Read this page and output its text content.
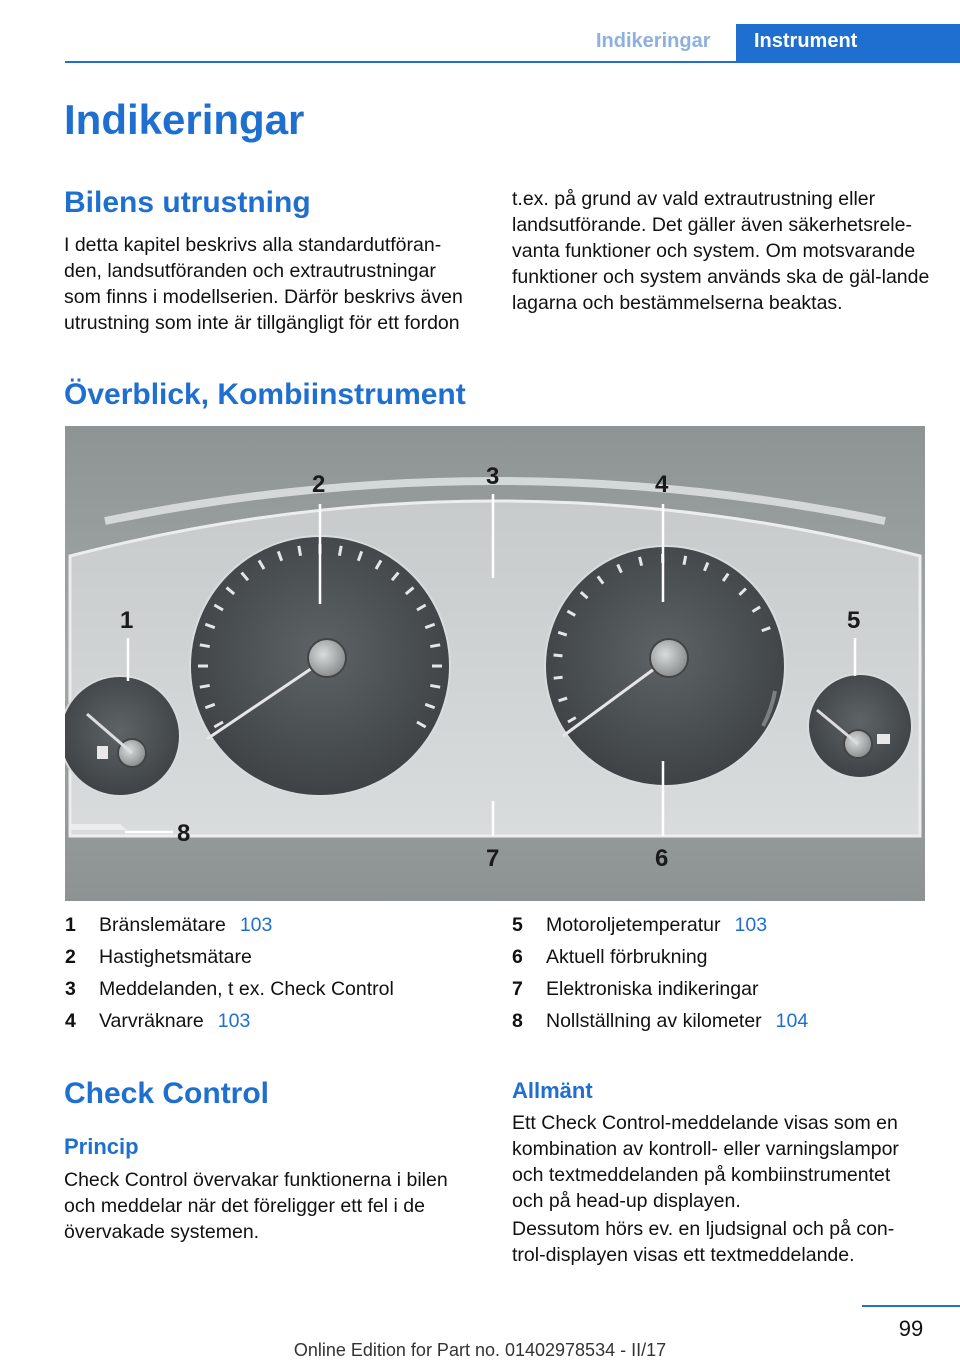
Indikeringar	Instrument
Indikeringar
Bilens utrustning
I detta kapitel beskrivs alla standardutföran-den, landsutföranden och extrautrustningar som finns i modellserien. Därför beskrivs även utrustning som inte är tillgängligt för ett fordon
t.ex. på grund av vald extrautrustning eller landsutförande. Det gäller även säkerhetsrele-vanta funktioner och system. Om motsvarande funktioner och system används ska de gäl-lande lagarna och bestämmelserna beaktas.
Överblick, Kombiinstrument
1
2	3	4
5
6
7
8
1 Bränslemätare 103
2 Hastighetsmätare
3 Meddelanden, t ex. Check Control
4 Varvräknare 103
5 Motoroljetemperatur 103
6 Aktuell förbrukning
7 Elektroniska indikeringar
8 Nollställning av kilometer 104
Check Control
Princip
Check Control övervakar funktionerna i bilen och meddelar när det föreligger ett fel i de övervakade systemen.
Allmänt
Ett Check Control-meddelande visas som en kombination av kontroll- eller varningslampor och textmeddelanden på kombiinstrumentet och på head-up displayen.
Dessutom hörs ev. en ljudsignal och på con-trol-displayen visas ett textmeddelande.
99
Online Edition for Part no. 01402978534 - II/17
